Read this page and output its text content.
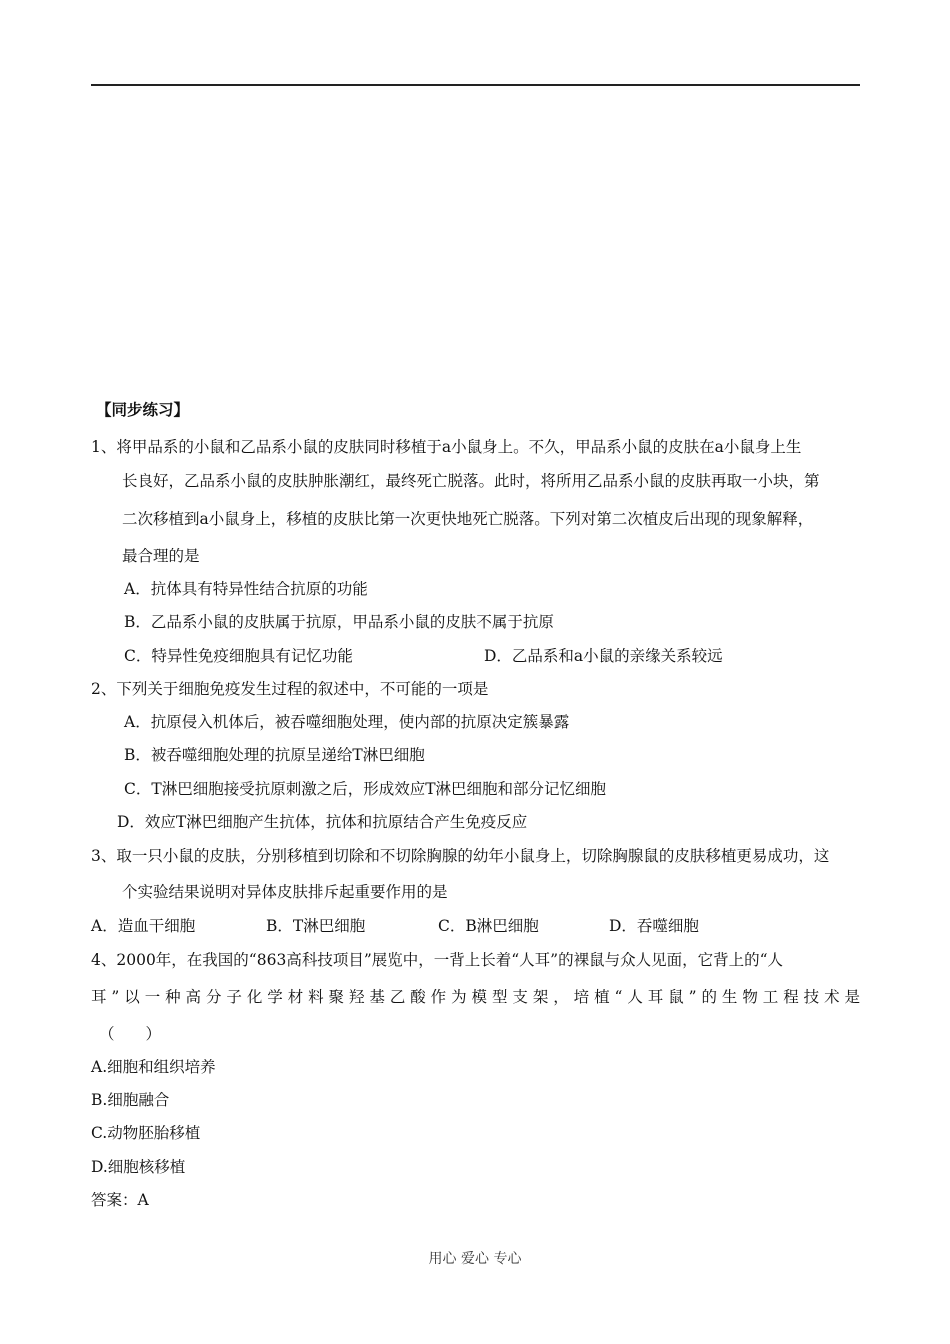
【同步练习】
1、将甲品系的小鼠和乙品系小鼠的皮肤同时移植于a小鼠身上。不久，甲品系小鼠的皮肤在a小鼠身上生
长良好，乙品系小鼠的皮肤肿胀潮红，最终死亡脱落。此时，将所用乙品系小鼠的皮肤再取一小块，第
二次移植到a小鼠身上，移植的皮肤比第一次更快地死亡脱落。下列对第二次植皮后出现的现象解释，
最合理的是
A．抗体具有特异性结合抗原的功能
B．乙品系小鼠的皮肤属于抗原，甲品系小鼠的皮肤不属于抗原
C．特异性免疫细胞具有记忆功能	D．乙品系和a小鼠的亲缘关系较远
2、下列关于细胞免疫发生过程的叙述中，不可能的一项是
A．抗原侵入机体后，被吞噬细胞处理，使内部的抗原决定簇暴露
B．被吞噬细胞处理的抗原呈递给T淋巴细胞
C．T淋巴细胞接受抗原刺激之后，形成效应T淋巴细胞和部分记忆细胞
D．效应T淋巴细胞产生抗体，抗体和抗原结合产生免疫反应
3、取一只小鼠的皮肤，分别移植到切除和不切除胸腺的幼年小鼠身上，切除胸腺鼠的皮肤移植更易成功，这
个实验结果说明对异体皮肤排斥起重要作用的是
A．造血干细胞	B．T淋巴细胞	C．B淋巴细胞	D．吞噬细胞
4、2000年，在我国的“863高科技项目”展览中，一背上长着“人耳”的裸鼠与众人见面，它背上的“人
耳”以一种高分子化学材料聚羟基乙酸作为模型支架，培植“人耳鼠”的生物工程技术是
（　　）
A.细胞和组织培养
B.细胞融合
C.动物胚胎移植
D.细胞核移植
答案：A
用心 爱心 专心
